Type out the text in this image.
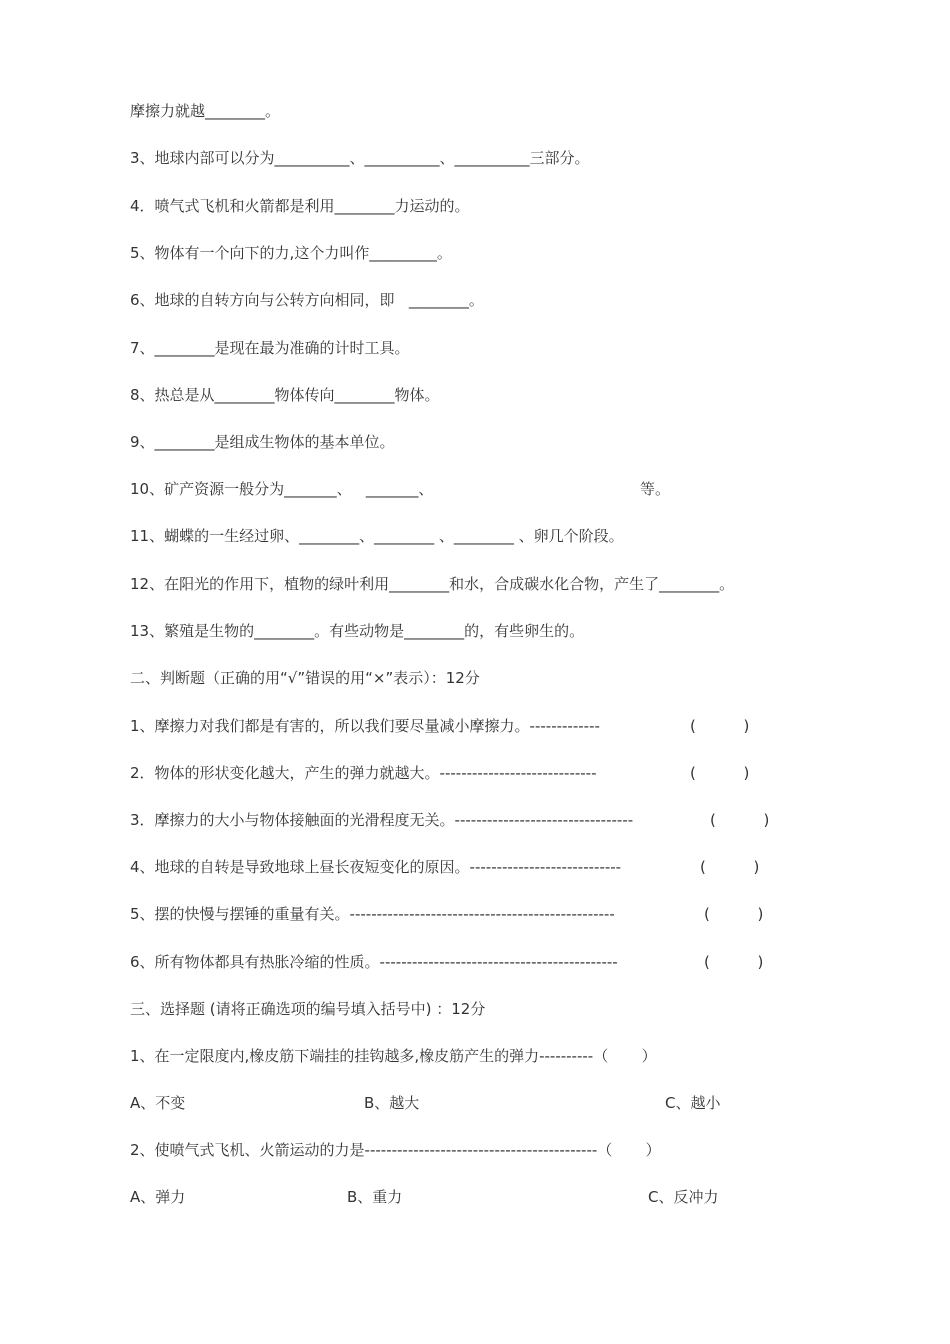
摩擦力就越________。
3、地球内部可以分为__________、__________、__________三部分。
4．喷气式飞机和火箭都是利用________力运动的。
5、物体有一个向下的力,这个力叫作_________。
6、地球的自转方向与公转方向相同，即   ________。
7、________是现在最为准确的计时工具。
8、热总是从________物体传向________物体。
9、________是组成生物体的基本单位。
10、矿产资源一般分为_______、   _______、	等。
11、蝴蝶的一生经过卵、________、________ 、________ 、卵几个阶段。
12、在阳光的作用下，植物的绿叶利用________和水，合成碳水化合物，产生了________。
13、繁殖是生物的________。有些动物是________的，有些卵生的。
二、判断题（正确的用“√”错误的用“×”表示）：12分
1、摩擦力对我们都是有害的，所以我们要尽量减小摩擦力。-------------	(          )
2．物体的形状变化越大，产生的弹力就越大。-----------------------------	(          )
3．摩擦力的大小与物体接触面的光滑程度无关。---------------------------------	(          )
4、地球的自转是导致地球上昼长夜短变化的原因。----------------------------	(          )
5、摆的快慢与摆锤的重量有关。-------------------------------------------------	(          )
6、所有物体都具有热胀冷缩的性质。--------------------------------------------	(          )
三、选择题 (请将正确选项的编号填入括号中) ：12分
1、在一定限度内,橡皮筋下端挂的挂钩越多,橡皮筋产生的弹力----------（       ）
A、不变	B、越大	C、越小
2、使喷气式飞机、火箭运动的力是-------------------------------------------（       ）
A、弹力	B、重力	C、反冲力
